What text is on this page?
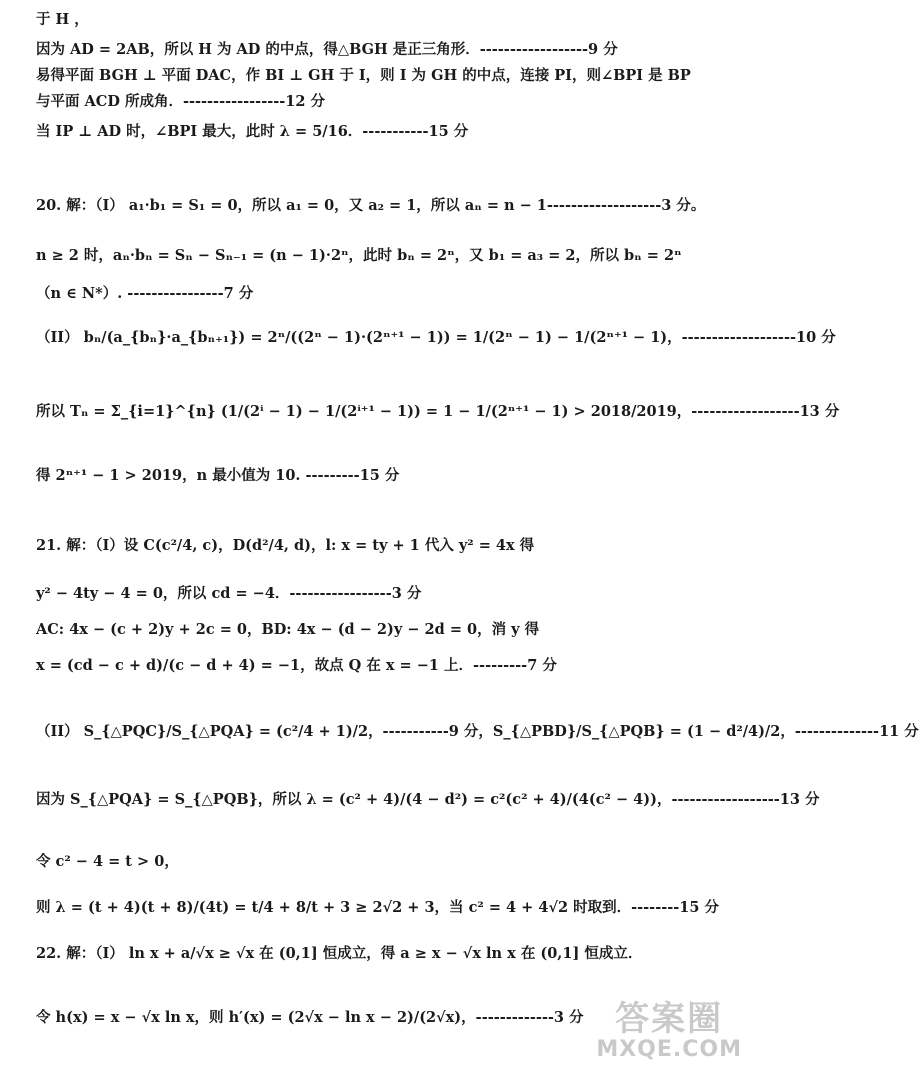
于 H ，
因为 AD = 2AB，所以 H 为 AD 的中点，得△BGH 是正三角形．------------------9 分
易得平面 BGH ⊥ 平面 DAC，作 BI ⊥ GH 于 I，则 I 为 GH 的中点，连接 PI，则∠BPI 是 BP
与平面 ACD 所成角．-----------------12 分
当 IP ⊥ AD 时，∠BPI 最大，此时 λ = 5/16．-----------15 分
20. 解：（I） a₁·b₁ = S₁ = 0，所以 a₁ = 0，又 a₂ = 1，所以 aₙ = n − 1-------------------3 分。
n ≥ 2 时，aₙ·bₙ = Sₙ − Sₙ₋₁ = (n − 1)·2ⁿ，此时 bₙ = 2ⁿ，又 b₁ = a₃ = 2，所以 bₙ = 2ⁿ
（n ∈ N*）. ----------------7 分
（II） bₙ/(a_{bₙ}·a_{bₙ₊₁}) = 2ⁿ/((2ⁿ − 1)·(2ⁿ⁺¹ − 1)) = 1/(2ⁿ − 1) − 1/(2ⁿ⁺¹ − 1)，-------------------10 分
所以 Tₙ = Σ_{i=1}^{n} (1/(2ⁱ − 1) − 1/(2ⁱ⁺¹ − 1)) = 1 − 1/(2ⁿ⁺¹ − 1) > 2018/2019，------------------13 分
得 2ⁿ⁺¹ − 1 > 2019，n 最小值为 10. ---------15 分
21. 解：（I）设 C(c²/4, c)，D(d²/4, d)，l: x = ty + 1 代入 y² = 4x 得
y² − 4ty − 4 = 0，所以 cd = −4．-----------------3 分
AC: 4x − (c + 2)y + 2c = 0，BD: 4x − (d − 2)y − 2d = 0，消 y 得
x = (cd − c + d)/(c − d + 4) = −1，故点 Q 在 x = −1 上．---------7 分
（II） S_{△PQC}/S_{△PQA} = (c²/4 + 1)/2，-----------9 分，S_{△PBD}/S_{△PQB} = (1 − d²/4)/2，--------------11 分
因为 S_{△PQA} = S_{△PQB}，所以 λ = (c² + 4)/(4 − d²) = c²(c² + 4)/(4(c² − 4))，------------------13 分
令 c² − 4 = t > 0，
则 λ = (t + 4)(t + 8)/(4t) = t/4 + 8/t + 3 ≥ 2√2 + 3，当 c² = 4 + 4√2 时取到．--------15 分
22. 解：（I） ln x + a/√x ≥ √x 在 (0,1] 恒成立，得 a ≥ x − √x ln x 在 (0,1] 恒成立．
令 h(x) = x − √x ln x，则 h′(x) = (2√x − ln x − 2)/(2√x)，-------------3 分 答案圈
MXQE.COM
